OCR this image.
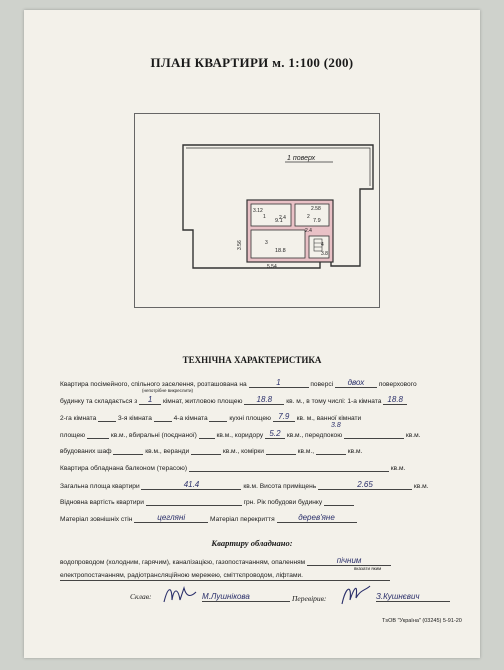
ПЛАН КВАРТИРИ м. 1:100 (200)
1 поверх
3.12
2.4
2.58
3.56
5.54
2.4
9.1	7.9
18.8	3.8
1	2
3	4
ТЕХНІЧНА ХАРАКТЕРИСТИКА
Квартира посімейного, спільного заселення, розташована на	1	поверсі двох поверхового
(непотрібне викреслити)
будинку та складається з 1 кімнат, житловою площею 18.8 кв. м., в тому числі: 1-а кімната 18.8
2-га кімната	3-я кімната	4-а кімната	кухні площею 7.9 кв. м., ванної кімнати
площею	кв.м., вбиральні (поєднаної)	кв.м., коридору 5.2 кв.м., передпокою	кв.м.
3.8
вбудованих шаф	кв.м., веранди	кв.м., комірки	кв.м.,	кв.м.
Квартира обладнана балконом (терасою)	кв.м.
Загальна площа квартири	41.4	кв.м. Висота приміщень	2.65	кв.м.
Відновна вартість квартири	грн. Рік побудови будинку
Матеріал зовнішніх стін	цегляні	Матеріал перекриття	дерев'яне
Квартиру обладнано:
водопроводом (холодним, гарячим), каналізацією, газопостачанням, опаленням	пічним
вказати яким
електропостачанням, радіотрансляційною мережею, сміттєпроводом, ліфтами.
Склав:	М.Лушнікова	Перевірив:	З.Кушнєвич
ТsОВ "Україна" (03245) 5-91-20
